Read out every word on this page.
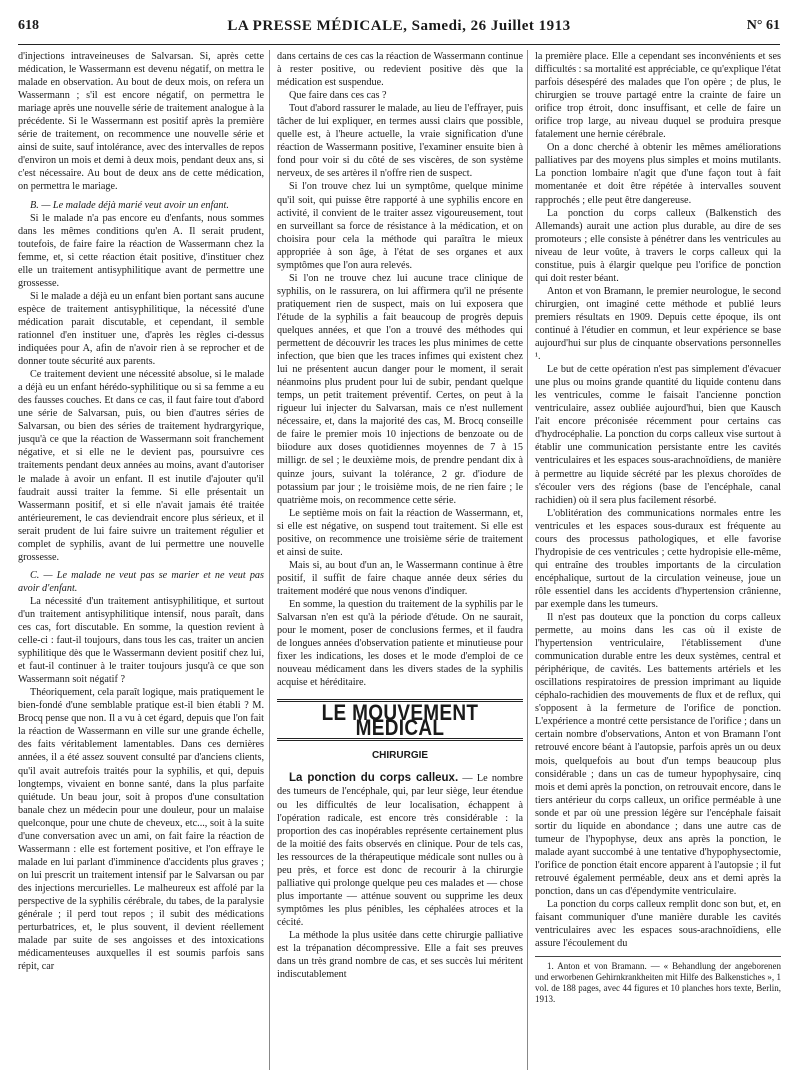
618	LA PRESSE MÉDICALE, Samedi, 26 Juillet 1913	N° 61

d'injections intraveineuses de Salvarsan. Si, après cette médication, le Wassermann est devenu négatif, on mettra le malade en observation. Au bout de deux mois, on refera un Wassermann ; s'il est encore négatif, on permettra le mariage après une nouvelle série de traitement analogue à la précédente. Si le Wassermann est positif après la première série de traitement, on recommence une nouvelle série et ainsi de suite, sauf intolérance, avec des intervalles de repos d'environ un mois et demi à deux mois, pendant deux ans, si c'est nécessaire. Au bout de deux ans de cette médication, on permettra le mariage.

B. — Le malade déjà marié veut avoir un enfant.

Si le malade n'a pas encore eu d'enfants, nous sommes dans les mêmes conditions qu'en A. Il serait prudent, toutefois, de faire faire la réaction de Wassermann chez la femme, et, si cette réaction était positive, d'instituer chez elle un traitement antisyphilitique avant de permettre une grossesse.

Si le malade a déjà eu un enfant bien portant sans aucune espèce de traitement antisyphilitique, la nécessité d'une médication parait discutable, et cependant, il semble rationnel d'en instituer une, d'après les règles ci-dessus indiquées pour A, afin de n'avoir rien à se reprocher et de donner toute sécurité aux parents.

Ce traitement devient une nécessité absolue, si le malade a déjà eu un enfant hérédo-syphilitique ou si sa femme a eu des fausses couches. Et dans ce cas, il faut faire tout d'abord une série de Salvarsan, puis, ou bien d'autres séries de Salvarsan, ou bien des séries de traitement hydrargyrique, jusqu'à ce que la réaction de Wassermann soit franchement négative, et si elle ne le devient pas, poursuivre ces traitements pendant deux années au moins, avant d'autoriser le malade à avoir un enfant. Il est inutile d'ajouter qu'il faudrait aussi traiter la femme. Si elle présentait un Wassermann positif, et si elle n'avait jamais été traitée antérieurement, le cas deviendrait encore plus sérieux, et il serait prudent de lui faire suivre un traitement régulier et complet de syphilis, avant de lui permettre une nouvelle grossesse.

C. — Le malade ne veut pas se marier et ne veut pas avoir d'enfant.

La nécessité d'un traitement antisyphilitique, et surtout d'un traitement antisyphilitique intensif, nous paraît, dans ces cas, fort discutable. En somme, la question revient à celle-ci : faut-il toujours, dans tous les cas, traiter un ancien syphilitique dès que le Wassermann devient positif chez lui, et faut-il continuer à le traiter toujours jusqu'à ce que son Wassermann soit négatif ?

Théoriquement, cela paraît logique, mais pratiquement le bien-fondé d'une semblable pratique est-il bien établi ? M. Brocq pense que non. Il a vu à cet égard, depuis que l'on fait la réaction de Wassermann en ville sur une grande échelle, des faits véritablement lamentables. Dans ces dernières années, il a été assez souvent consulté par d'anciens clients, qu'il avait autrefois traités pour la syphilis, et qui, depuis longtemps, vivaient en bonne santé, dans la plus parfaite quiétude. Un beau jour, soit à propos d'une consultation banale chez un médecin pour une douleur, pour un malaise quelconque, pour une chute de cheveux, etc..., soit à la suite d'une conversation avec un ami, on fait faire la réaction de Wassermann : elle est fortement positive, et l'on effraye le malade en lui parlant d'imminence d'accidents plus graves ; on lui prescrit un traitement intensif par le Salvarsan ou par des injections mercurielles. Le malheureux est affolé par la perspective de la syphilis cérébrale, du tabes, de la paralysie générale ; il perd tout repos ; il subit des médications perturbatrices, et, le plus souvent, il devient réellement malade par suite de ses angoisses et des intoxications médicamenteuses auxquelles il est soumis parfois sans répit, car

dans certains de ces cas la réaction de Wassermann continue à rester positive, ou redevient positive dès que la médication est suspendue.

Que faire dans ces cas ?

Tout d'abord rassurer le malade, au lieu de l'effrayer, puis tâcher de lui expliquer, en termes aussi clairs que possible, quelle est, à l'heure actuelle, la vraie signification d'une réaction de Wassermann positive, l'examiner ensuite bien à fond pour voir si du côté de ses viscères, de son système nerveux, de ses artères il n'offre rien de suspect.

Si l'on trouve chez lui un symptôme, quelque minime qu'il soit, qui puisse être rapporté à une syphilis encore en activité, il convient de le traiter assez vigoureusement, tout en surveillant sa force de résistance à la médication, et on choisira pour cela la méthode qui paraîtra le mieux appropriée à son âge, à l'état de ses organes et aux symptômes que l'on aura relevés.

Si l'on ne trouve chez lui aucune trace clinique de syphilis, on le rassurera, on lui affirmera qu'il ne présente pratiquement rien de suspect, mais on lui exposera que l'étude de la syphilis a fait beaucoup de progrès depuis quelques années, et que l'on a trouvé des méthodes qui permettent de découvrir les traces les plus minimes de cette infection, que bien que les traces infimes qui existent chez lui ne présentent aucun danger pour le moment, il serait néanmoins plus prudent pour lui de subir, pendant quelque temps, un petit traitement préventif. Certes, on peut à la rigueur lui injecter du Salvarsan, mais ce n'est nullement nécessaire, et, dans la majorité des cas, M. Brocq conseille de faire le premier mois 10 injections de benzoate ou de biiodure aux doses quotidiennes moyennes de 7 à 15 milligr. de sel ; le deuxième mois, de prendre pendant dix à quinze jours, suivant la tolérance, 2 gr. d'iodure de potassium par jour ; le troisième mois, de ne rien faire ; le quatrième mois, on recommence cette série.

Le septième mois on fait la réaction de Wassermann, et, si elle est négative, on suspend tout traitement. Si elle est positive, on recommence une troisième série de traitement et ainsi de suite.

Mais si, au bout d'un an, le Wassermann continue à être positif, il suffit de faire chaque année deux séries du traitement modéré que nous venons d'indiquer.

En somme, la question du traitement de la syphilis par le Salvarsan n'en est qu'à la période d'étude. On ne saurait, pour le moment, poser de conclusions fermes, et il faudra de longues années d'observation patiente et minutieuse pour fixer les indications, les doses et le mode d'emploi de ce nouveau médicament dans les divers stades de la syphilis acquise et héréditaire.

LE MOUVEMENT MÉDICAL
CHIRURGIE

La ponction du corps calleux. — Le nombre des tumeurs de l'encéphale, qui, par leur siège, leur étendue ou les difficultés de leur localisation, échappent à l'opération radicale, est encore très considérable : la proportion des cas inopérables représente certainement plus de la moitié des faits observés en clinique. Pour de tels cas, les ressources de la thérapeutique médicale sont nulles ou à peu près, et force est donc de recourir à la chirurgie palliative qui prolonge quelque peu ces malades et — chose plus importante — atténue souvent ou supprime les deux symptômes les plus pénibles, les céphalées atroces et la cécité.

La méthode la plus usitée dans cette chirurgie palliative est la trépanation décompressive. Elle a fait ses preuves dans un très grand nombre de cas, et ses succès lui méritent indiscutablement

la première place. Elle a cependant ses inconvénients et ses difficultés : sa mortalité est appréciable, ce qu'explique l'état parfois désespéré des malades que l'on opère ; de plus, le chirurgien se trouve partagé entre la crainte de faire un orifice trop étroit, donc insuffisant, et celle de faire un orifice trop large, au niveau duquel se produira presque fatalement une hernie cérébrale.

On a donc cherché à obtenir les mêmes améliorations palliatives par des moyens plus simples et moins mutilants. La ponction lombaire n'agit que d'une façon tout à fait momentanée et doit être répétée à intervalles souvent rapprochés ; elle peut être dangereuse.

La ponction du corps calleux (Balkenstich des Allemands) aurait une action plus durable, au dire de ses promoteurs ; elle consiste à pénétrer dans les ventricules au niveau de leur voûte, à travers le corps calleux qui la constitue, puis à élargir quelque peu l'orifice de ponction qui doit rester béant.

Anton et von Bramann, le premier neurologue, le second chirurgien, ont imaginé cette méthode et publié leurs premiers résultats en 1909. Depuis cette époque, ils ont continué à l'étudier en commun, et leur expérience se base aujourd'hui sur plus de cinquante observations personnelles ¹.

Le but de cette opération n'est pas simplement d'évacuer une plus ou moins grande quantité du liquide contenu dans les ventricules, comme le faisait l'ancienne ponction ventriculaire, assez oubliée aujourd'hui, bien que Kausch l'ait encore préconisée récemment pour certains cas d'hydrocéphalie. La ponction du corps calleux vise surtout à établir une communication persistante entre les cavités ventriculaires et les espaces sous-arachnoïdiens, de manière à permettre au liquide sécrété par les plexus choroïdes de s'écouler vers des régions (base de l'encéphale, canal rachidien) où il sera plus facilement résorbé.

L'oblitération des communications normales entre les ventricules et les espaces sous-duraux est fréquente au cours des processus pathologiques, et elle favorise l'hydropisie de ces ventricules ; cette hydropisie elle-même, qui entraîne des troubles importants de la circulation encéphalique, surtout de la circulation veineuse, joue un rôle essentiel dans les accidents d'hypertension crânienne, par exemple dans les tumeurs.

Il n'est pas douteux que la ponction du corps calleux permette, au moins dans les cas où il existe de l'hypertension ventriculaire, l'établissement d'une communication durable entre les deux systèmes, central et périphérique, de cavités. Les battements artériels et les oscillations respiratoires de pression imprimant au liquide céphalo-rachidien des mouvements de flux et de reflux, qui s'opposent à la fermeture de l'orifice de ponction. L'expérience a montré cette persistance de l'orifice ; dans un certain nombre d'observations, Anton et von Bramann l'ont retrouvé encore béant à l'autopsie, parfois après un ou deux mois, quelquefois au bout d'un temps beaucoup plus considérable ; dans un cas de tumeur hypophysaire, cinq mois et demi après la ponction, on retrouvait encore, dans le tiers antérieur du corps calleux, un orifice perméable à une sonde et par où une pression légère sur l'encéphale faisait sortir du liquide en abondance ; dans une autre cas de tumeur de l'hypophyse, deux ans après la ponction, le malade ayant succombé à une tentative d'hypophysectomie, l'orifice de ponction était encore apparent à l'autopsie ; il fut retrouvé également perméable, deux ans et demi après la ponction, dans un cas d'épendymite ventriculaire.

La ponction du corps calleux remplit donc son but, et, en faisant communiquer d'une manière durable les cavités ventriculaires avec les espaces sous-arachnoïdiens, elle assure l'écoulement du

1. Anton et von Bramann. — « Behandlung der angeborenen und erworbenen Gehirnkrankheiten mit Hilfe des Balkenstiches », 1 vol. de 188 pages, avec 44 figures et 10 planches hors texte, Berlin, 1913.
